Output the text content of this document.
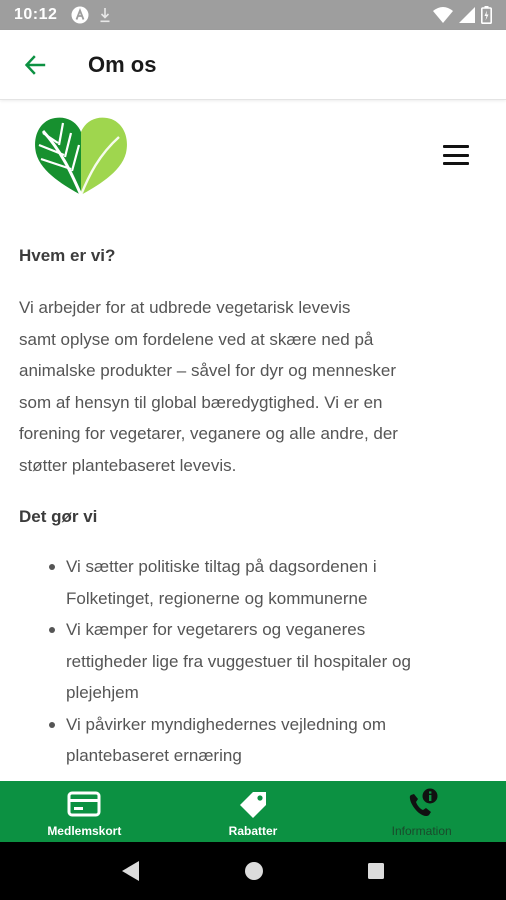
10:12
Om os
Hvem er vi?

Vi arbejder for at udbrede vegetarisk levevis
samt oplyse om fordelene ved at skære ned på
animalske produkter – såvel for dyr og mennesker
som af hensyn til global bæredygtighed. Vi er en
forening for vegetarer, veganere og alle andre, der
støtter plantebaseret levevis.

Det gør vi
Vi sætter politiske tiltag på dagsordenen i
Folketinget, regionerne og kommunerne
Vi kæmper for vegetarers og veganeres
rettigheder lige fra vuggestuer til hospitaler og
plejehjem
Vi påvirker myndighedernes vejledning om
plantebaseret ernæring
Medlemskort	Rabatter	Information
